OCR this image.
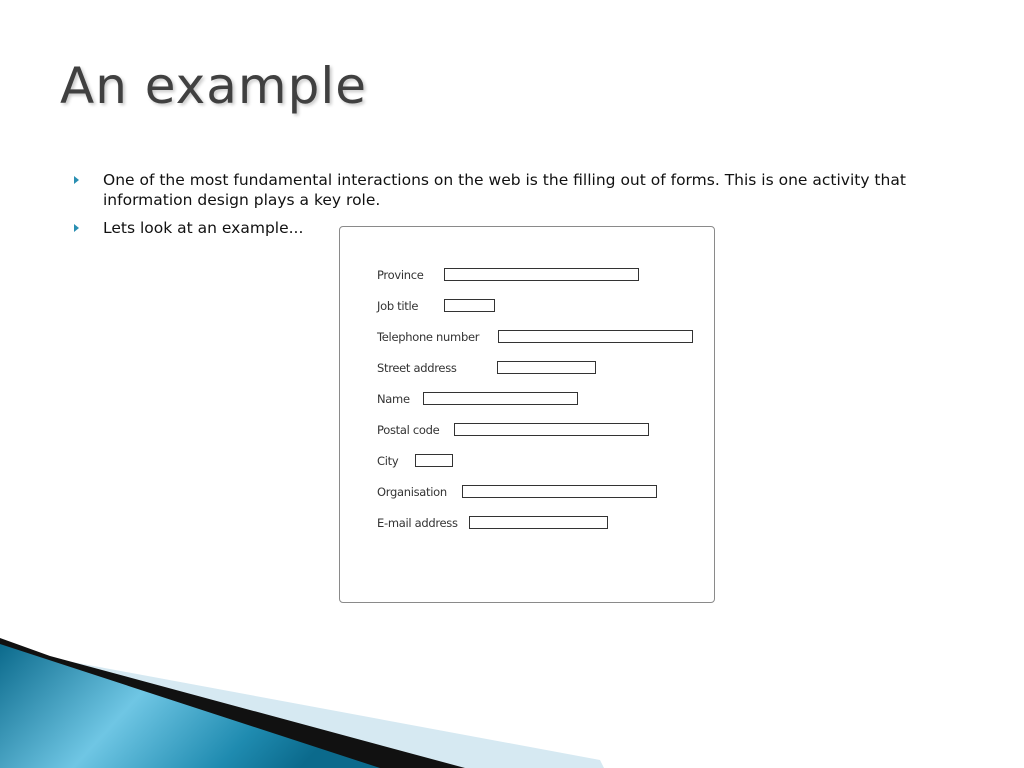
An example
One of the most fundamental interactions on the web is the filling out of forms. This is one activity that information design plays a key role.
Lets look at an example...
Province
Job title
Telephone number
Street address
Name
Postal code
City
Organisation
E-mail address
